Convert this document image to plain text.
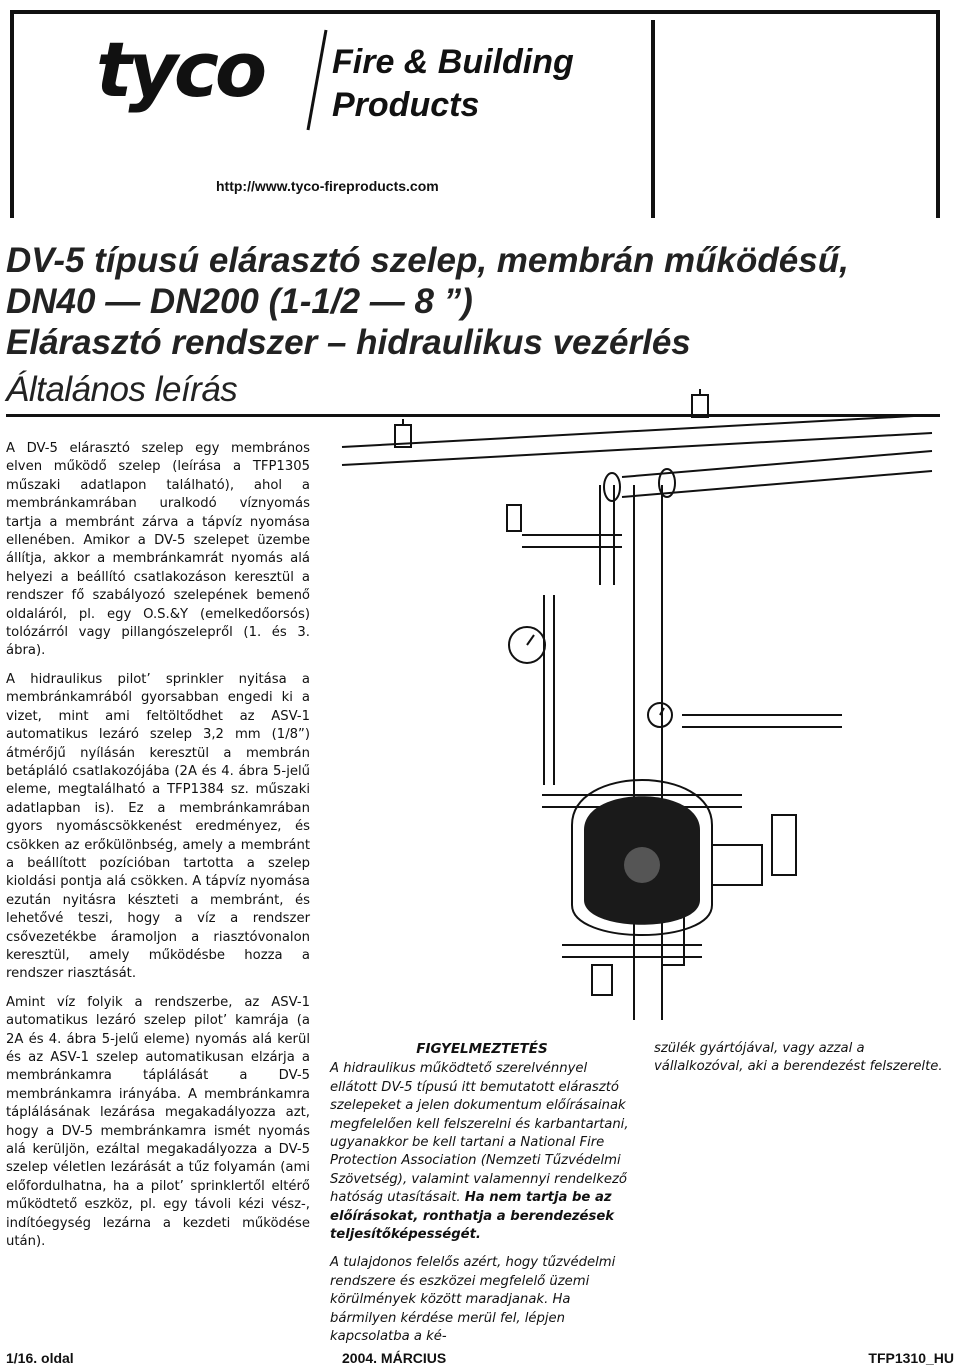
tyco Fire & Building
Products
http://www.tyco-fireproducts.com
DV-5 típusú elárasztó szelep, membrán működésű,
DN40 — DN200 (1-1/2 — 8 ”)
Elárasztó rendszer – hidraulikus vezérlés
Általános leírás

A DV-5 elárasztó szelep egy membrános elven működő szelep (leírása a TFP1305 műszaki adatlapon található), ahol a membránkamrában uralkodó víznyomás tartja a membránt zárva a tápvíz nyomása ellenében. Amikor a DV-5 szelepet üzembe állítja, akkor a membránkamrát nyomás alá helyezi a beállító csatlakozáson keresztül a rendszer fő szabályozó szelepének bemenő oldaláról, pl. egy O.S.&Y (emelkedőorsós) tolózárról vagy pillangószelepről (1. és 3. ábra).

A hidraulikus pilot’ sprinkler nyitása a membránkamrából gyorsabban engedi ki a vizet, mint ami feltöltődhet az ASV-1 automatikus lezáró szelep 3,2 mm (1/8”) átmérőjű nyílásán keresztül a membrán betápláló csatlakozójába (2A és 4. ábra 5-jelű eleme, megtalálható a TFP1384 sz. műszaki adatlapban is). Ez a membránkamrában gyors nyomáscsökkenést eredményez, és csökken az erőkülönbség, amely a membránt a beállított pozícióban tartotta a szelep kioldási pontja alá csökken. A tápvíz nyomása ezután nyitásra készteti a membránt, és lehetővé teszi, hogy a víz a rendszer csővezetékbe áramoljon a riasztóvonalon keresztül, amely működésbe hozza a rendszer riasztását.

Amint víz folyik a rendszerbe, az ASV-1 automatikus lezáró szelep pilot’ kamrája (a 2A és 4. ábra 5-jelű eleme) nyomás alá kerül és az ASV-1 szelep automatikusan elzárja a membránkamra táplálását a DV-5 membránkamra irányába. A membránkamra táplálásának lezárása megakadályozza azt, hogy a DV-5 membránkamra ismét nyomás alá kerüljön, ezáltal megakadályozza a DV-5 szelep véletlen lezárását a tűz folyamán (ami előfordulhatna, ha a pilot’ sprinklertől eltérő működtető eszköz, pl. egy távoli kézi vész-, indítóegység lezárna a kezdeti működése után).

FIGYELMEZTETÉS

A hidraulikus működtető szerelvénnyel ellátott DV-5 típusú itt bemutatott elárasztó szelepeket a jelen dokumentum előírásainak megfelelően kell felszerelni és karbantartani, ugyanakkor be kell tartani a National Fire Protection Association (Nemzeti Tűzvédelmi Szövetség), valamint valamennyi rendelkező hatóság utasításait. Ha nem tartja be az előírásokat, ronthatja a berendezések teljesítőképességét.

A tulajdonos felelős azért, hogy tűzvédelmi rendszere és eszközei megfelelő üzemi körülmények között maradjanak. Ha bármilyen kérdése merül fel, lépjen kapcsolatba a ké-

szülék gyártójával, vagy azzal a vállalkozóval, aki a berendezést felszerelte.
1/16. oldal	2004. MÁRCIUS	TFP1310_HU
